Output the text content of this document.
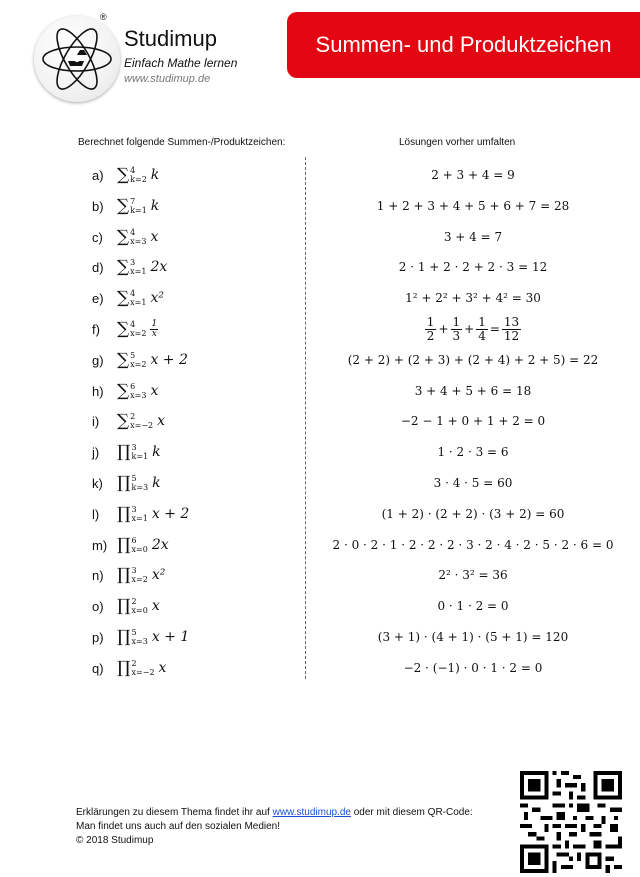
®
Studimup
Einfach Mathe lernen
www.studimup.de
Summen- und Produktzeichen
Berechnet folgende Summen-/Produktzeichen:	Lösungen vorher umfalten
a) ∑ 4
k=2 k	2 + 3 + 4 = 9
b) ∑ 7
k=1 k	1 + 2 + 3 + 4 + 5 + 6 + 7 = 28
c) ∑ 4
x=3 x	3 + 4 = 7
d) ∑ 3
x=1 2x	2 · 1 + 2 · 2 + 2 · 3 = 12
e) ∑ 4
x=1 x²	1² + 2² + 3² + 4² = 30
f)	∑ 4
$x=2 \frac{1}{x}$	$\frac{1}{2} + \frac{1}{3} + \frac{1}{4} = \frac{13}{12}$
g) ∑ 5
x=2 x + 2	(2 + 2) + (2 + 3) + (2 + 4) + 2 + 5) = 22
h) ∑ 6
x=3 x	3 + 4 + 5 + 6 = 18
i)	∑ 2
x=−2 x	−2 − 1 + 0 + 1 + 2 = 0
j)	∏ 3
k=1 k	1 · 2 · 3 = 6
k) ∏ 5
k=3 k	3 · 4 · 5 = 60
l)	∏ 3
x=1 x + 2	(1 + 2) · (2 + 2) · (3 + 2) = 60
m) ∏ 6
x=0 2x	2 · 0 · 2 · 1 · 2 · 2 · 2 · 3 · 2 · 4 · 2 · 5 · 2 · 6 = 0
n) ∏ 3
x=2 x²	2² · 3² = 36
o) ∏ 2
x=0 x	0 · 1 · 2 = 0
p) ∏ 5
x=3 x + 1	(3 + 1) · (4 + 1) · (5 + 1) = 120
q) ∏ 2
x=−2 x	−2 · (−1) · 0 · 1 · 2 = 0
Erklärungen zu diesem Thema findet ihr auf www.studimup.de oder mit diesem QR-Code:
Man findet uns auch auf den sozialen Medien!
© 2018 Studimup
